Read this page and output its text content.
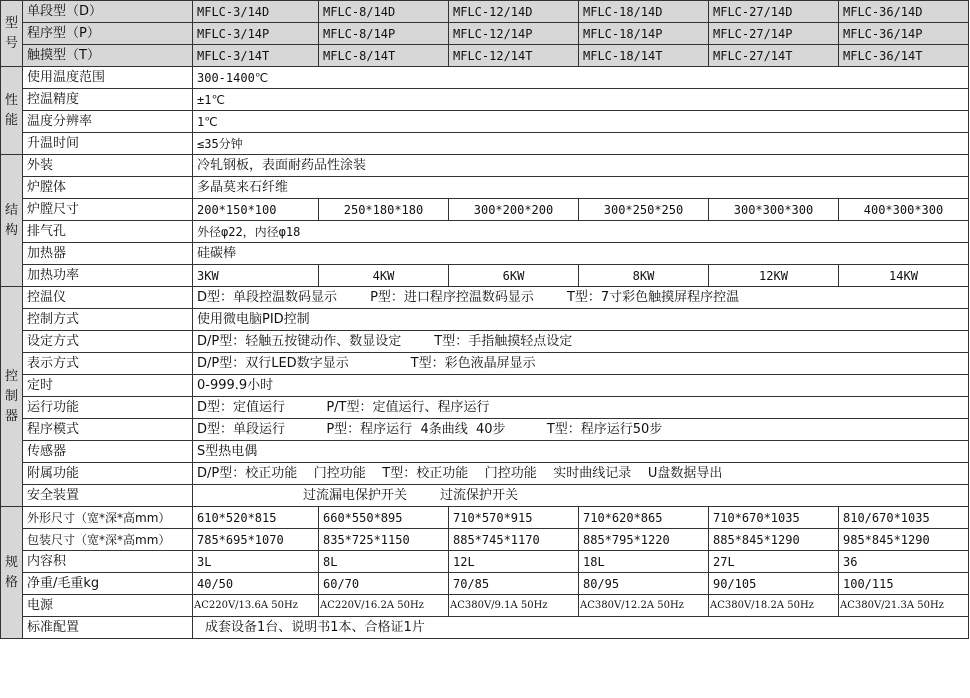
型号	单段型（D）	MFLC-3/14D	MFLC-8/14D	MFLC-12/14D	MFLC-18/14D	MFLC-27/14D	MFLC-36/14D
	程序型（P）	MFLC-3/14P	MFLC-8/14P	MFLC-12/14P	MFLC-18/14P	MFLC-27/14P	MFLC-36/14P
	触摸型（T）	MFLC-3/14T	MFLC-8/14T	MFLC-12/14T	MFLC-18/14T	MFLC-27/14T	MFLC-36/14T
性能	使用温度范围	300-1400℃					
	控温精度	±1℃					
	温度分辨率	1℃					
	升温时间	≤35分钟					
结构	外装	冷轧钢板，表面耐药品性涂装					
	炉膛体	多晶莫来石纤维					
	炉膛尺寸	200*150*100	250*180*180	300*200*200	300*250*250	300*300*300	400*300*300
	排气孔	外径φ22，内径φ18					
	加热器	硅碳棒					
	加热功率	3KW	4KW	6KW	8KW	12KW	14KW
控制器	控温仪	D型：单段控温数码显示        P型：进口程序控温数码显示        T型：7寸彩色触摸屏程序控温					
	控制方式	使用微电脑PID控制					
	设定方式	D/P型：轻触五按键动作、数显设定        T型：手指触摸轻点设定					
	表示方式	D/P型：双行LED数字显示               T型：彩色液晶屏显示					
	定时	0-999.9小时					
	运行功能	D型：定值运行          P/T型：定值运行、程序运行					
	程序模式	D型：单段运行          P型：程序运行  4条曲线  40步          T型：程序运行50步					
	传感器	S型热电偶					
	附属功能	D/P型：校正功能    门控功能    T型：校正功能    门控功能    实时曲线记录    U盘数据导出					
	安全装置	过流漏电保护开关        过流保护开关					
规格	外形尺寸（宽*深*高mm）	610*520*815	660*550*895	710*570*915	710*620*865	710*670*1035	810/670*1035
	包装尺寸（宽*深*高mm）	785*695*1070	835*725*1150	885*745*1170	885*795*1220	885*845*1290	985*845*1290
	内容积	3L	8L	12L	18L	27L	36
	净重/毛重kg	40/50	60/70	70/85	80/95	90/105	100/115
	电源	AC220V/13.6A 50Hz	AC220V/16.2A 50Hz	AC380V/9.1A 50Hz	AC380V/12.2A 50Hz	AC380V/18.2A 50Hz	AC380V/21.3A 50Hz
	标准配置	成套设备1台、说明书1本、合格证1片					
